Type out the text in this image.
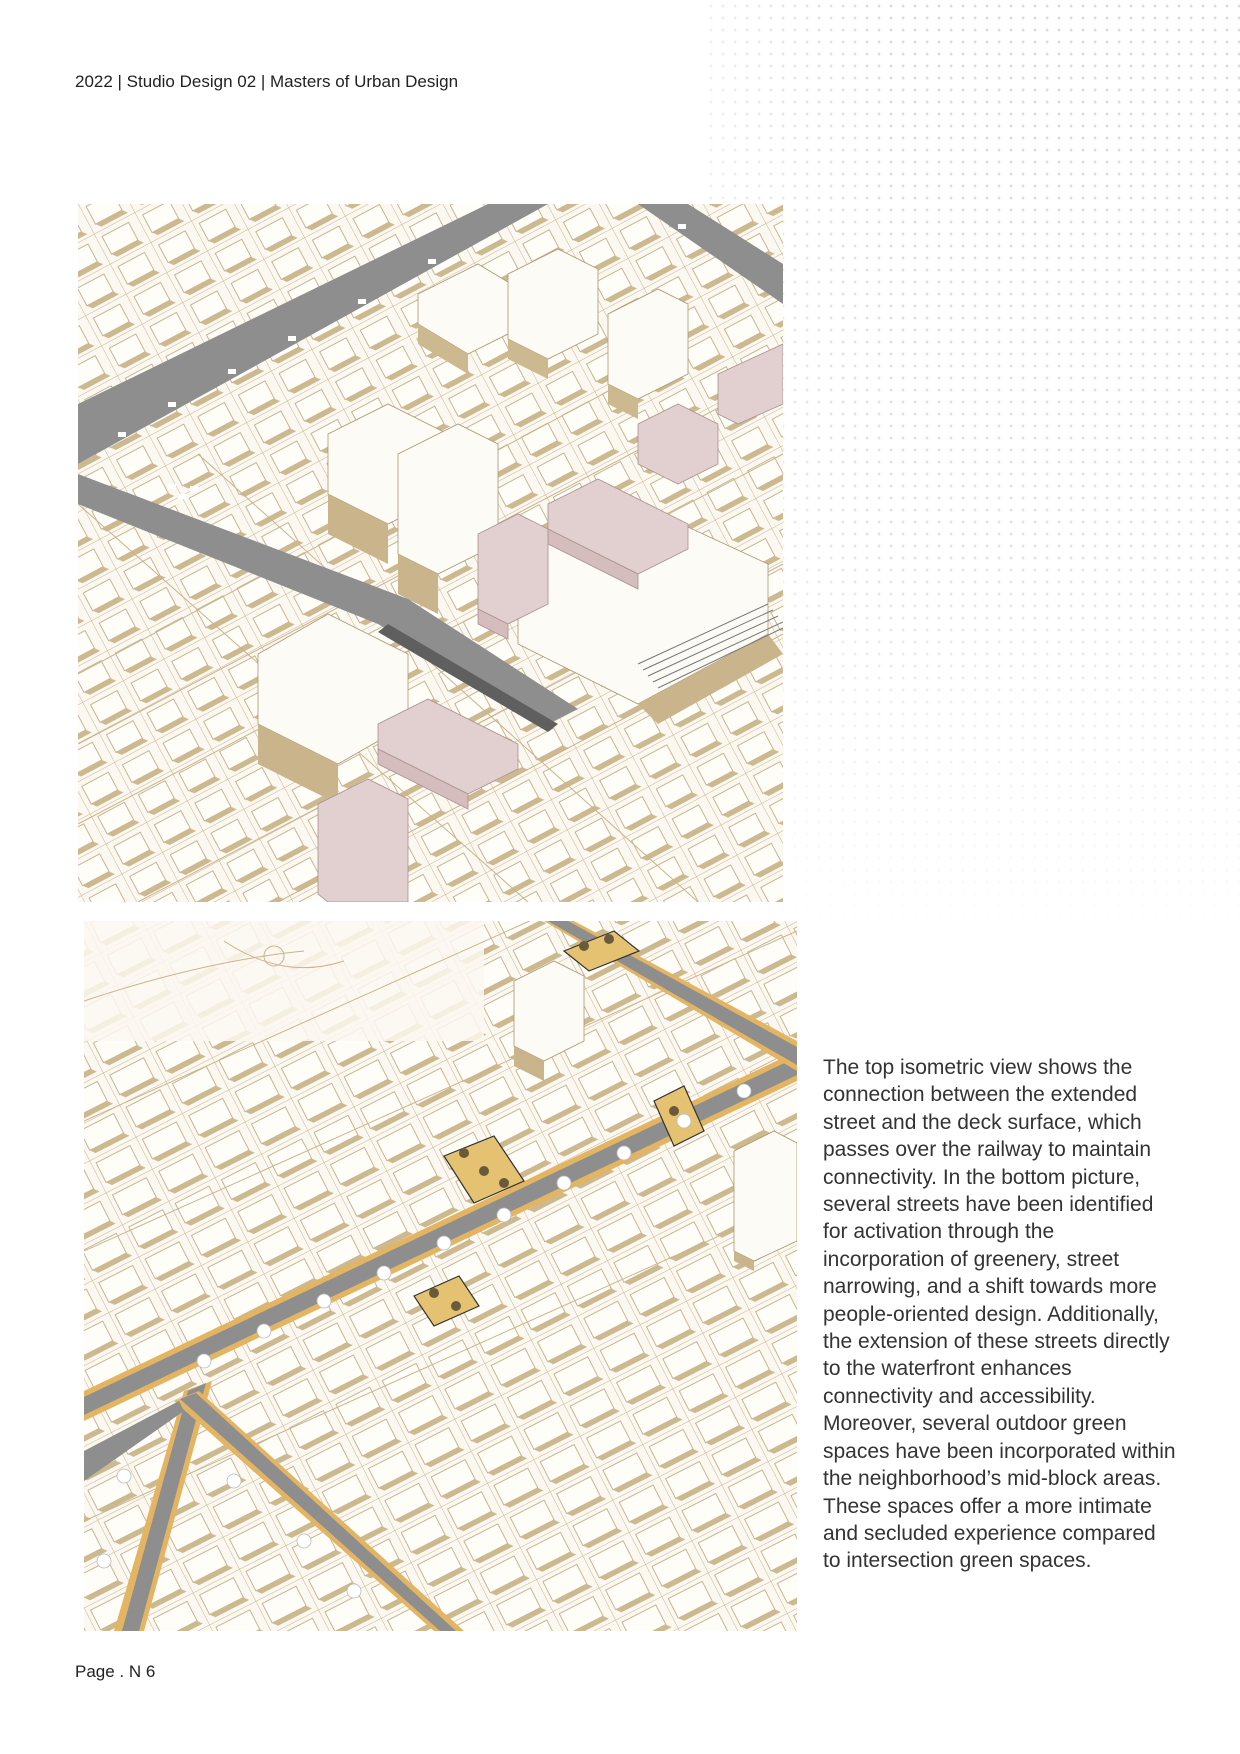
2022 | Studio Design 02 | Masters of Urban Design

The top isometric view shows the connection between the extended street and the deck surface, which passes over the railway to maintain connectivity. In the bottom picture, several streets have been identified for activation through the incorporation of greenery, street narrowing, and a shift towards more people-oriented design. Additionally, the extension of these streets directly to the waterfront enhances connectivity and accessibility. Moreover, several outdoor green spaces have been incorporated within the neighborhood’s mid-block areas. These spaces offer a more intimate and secluded experience compared to intersection green spaces.

Page . N 6
